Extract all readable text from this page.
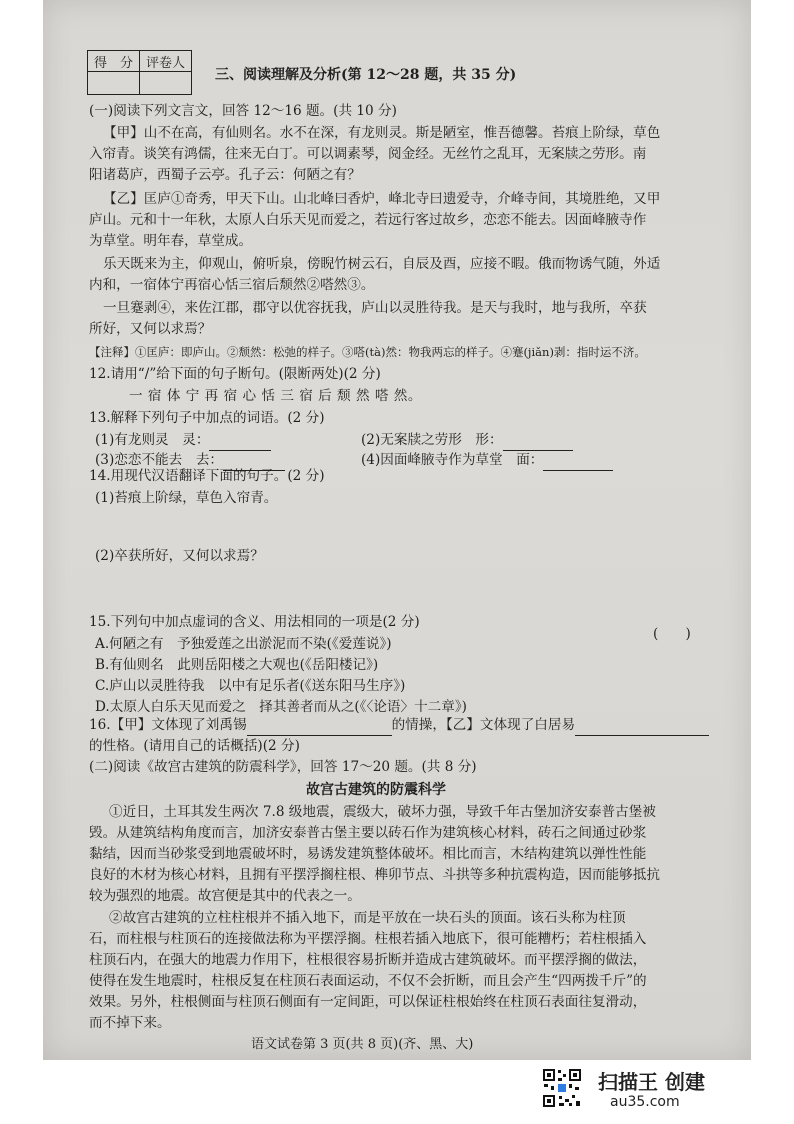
得　分	评卷人

三、阅读理解及分析(第 12～28 题，共 35 分)
(一)阅读下列文言文，回答 12～16 题。(共 10 分)
【甲】山不在高，有仙则名。水不在深，有龙则灵。斯是陋室，惟吾德馨。苔痕上阶绿，草色
入帘青。谈笑有鸿儒，往来无白丁。可以调素琴，阅金经。无丝竹之乱耳，无案牍之劳形。南
阳诸葛庐，西蜀子云亭。孔子云：何陋之有？
【乙】匡庐①奇秀，甲天下山。山北峰曰香炉，峰北寺曰遗爱寺，介峰寺间，其境胜绝，又甲
庐山。元和十一年秋，太原人白乐天见而爱之，若远行客过故乡，恋恋不能去。因面峰腋寺作
为草堂。明年春，草堂成。
乐天既来为主，仰观山，俯听泉，傍睨竹树云石，自辰及酉，应接不暇。俄而物诱气随，外适
内和，一宿体宁再宿心恬三宿后颓然②嗒然③。
一旦蹇剥④，来佐江郡，郡守以优容抚我，庐山以灵胜待我。是天与我时，地与我所，卒获
所好，又何以求焉？
【注释】①匡庐：即庐山。②颓然：松弛的样子。③嗒(tà)然：物我两忘的样子。④蹇(jiǎn)剥：指时运不济。
12.请用“/”给下面的句子断句。(限断两处)(2 分)
一 宿 体 宁 再 宿 心 恬 三 宿 后 颓 然 嗒 然。
13.解释下列句子中加点的词语。(2 分)
(1)有龙则灵　灵：	(2)无案牍之劳形　形：
(3)恋恋不能去　去：	(4)因面峰腋寺作为草堂　面：
14.用现代汉语翻译下面的句子。(2 分)
(1)苔痕上阶绿，草色入帘青。
(2)卒获所好，又何以求焉？
15.下列句中加点虚词的含义、用法相同的一项是(2 分)
(　　)
A.何陋之有　予独爱莲之出淤泥而不染(《爱莲说》)
B.有仙则名　此则岳阳楼之大观也(《岳阳楼记》)
C.庐山以灵胜待我　以中有足乐者(《送东阳马生序》)
D.太原人白乐天见而爱之　择其善者而从之(《〈论语〉十二章》)
16.【甲】文体现了刘禹锡	的情操，【乙】文体现了白居易
的性格。(请用自己的话概括)(2 分)
(二)阅读《故宫古建筑的防震科学》，回答 17～20 题。(共 8 分)
故宫古建筑的防震科学
①近日，土耳其发生两次 7.8 级地震，震级大，破坏力强，导致千年古堡加济安泰普古堡被
毁。从建筑结构角度而言，加济安泰普古堡主要以砖石作为建筑核心材料，砖石之间通过砂浆
黏结，因而当砂浆受到地震破坏时，易诱发建筑整体破坏。相比而言，木结构建筑以弹性性能
良好的木材为核心材料，且拥有平摆浮搁柱根、榫卯节点、斗拱等多种抗震构造，因而能够抵抗
较为强烈的地震。故宫便是其中的代表之一。
②故宫古建筑的立柱柱根并不插入地下，而是平放在一块石头的顶面。该石头称为柱顶
石，而柱根与柱顶石的连接做法称为平摆浮搁。柱根若插入地底下，很可能糟朽；若柱根插入
柱顶石内，在强大的地震力作用下，柱根很容易折断并造成古建筑破坏。而平摆浮搁的做法，
使得在发生地震时，柱根反复在柱顶石表面运动，不仅不会折断，而且会产生“四两拨千斤”的
效果。另外，柱根侧面与柱顶石侧面有一定间距，可以保证柱根始终在柱顶石表面往复滑动，
而不掉下来。
语文试卷第 3 页(共 8 页)(齐、黑、大)
扫描王 创建
au35.com
